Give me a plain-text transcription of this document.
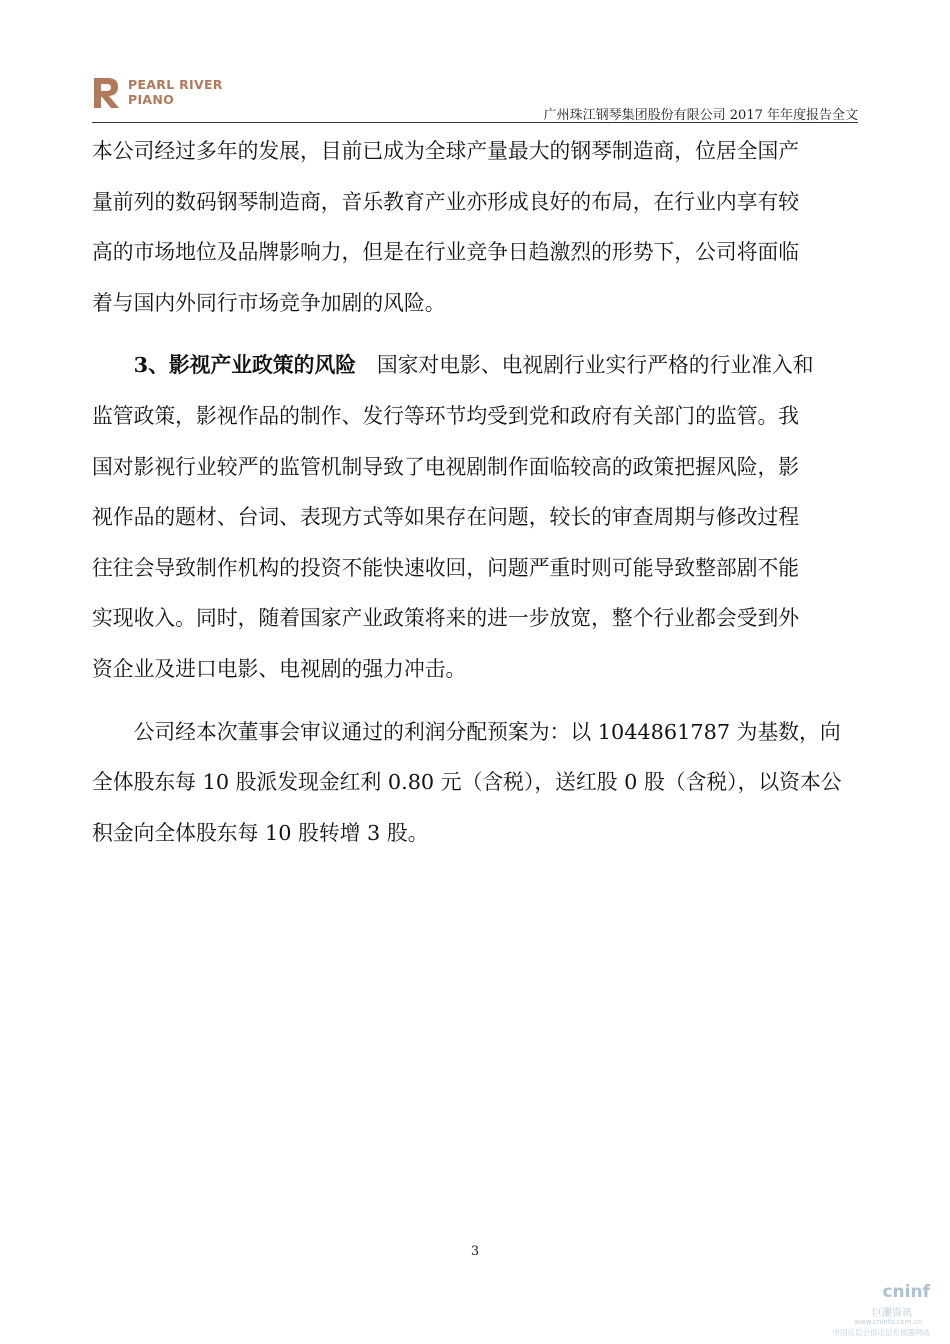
PEARL RIVER
PIANO
广州珠江钢琴集团股份有限公司 2017 年年度报告全文

本公司经过多年的发展，目前已成为全球产量最大的钢琴制造商，位居全国产
量前列的数码钢琴制造商，音乐教育产业亦形成良好的布局，在行业内享有较
高的市场地位及品牌影响力，但是在行业竞争日趋激烈的形势下，公司将面临
着与国内外同行市场竞争加剧的风险。

3、影视产业政策的风险　国家对电影、电视剧行业实行严格的行业准入和
监管政策，影视作品的制作、发行等环节均受到党和政府有关部门的监管。我
国对影视行业较严的监管机制导致了电视剧制作面临较高的政策把握风险，影
视作品的题材、台词、表现方式等如果存在问题，较长的审查周期与修改过程
往往会导致制作机构的投资不能快速收回，问题严重时则可能导致整部剧不能
实现收入。同时，随着国家产业政策将来的进一步放宽，整个行业都会受到外
资企业及进口电影、电视剧的强力冲击。

公司经本次董事会审议通过的利润分配预案为：以 1044861787 为基数，向
全体股东每 10 股派发现金红利 0.80 元（含税），送红股 0 股（含税），以资本公
积金向全体股东每 10 股转增 3 股。

3
cninf
巨潮资讯
www.cninfo.com.cn
中国证监会指定信息披露网站
